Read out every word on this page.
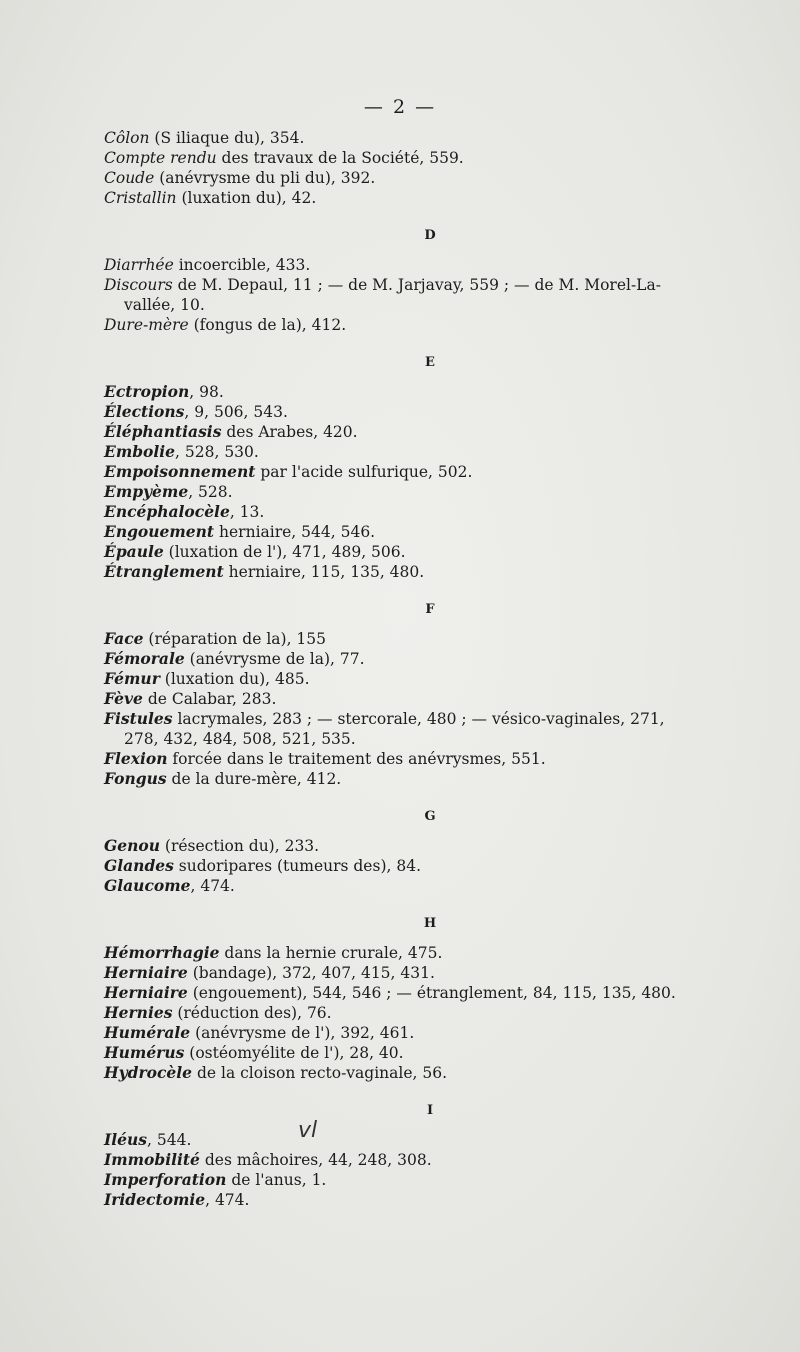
— 2 —
Côlon (S iliaque du), 354.
Compte rendu des travaux de la Société, 559.
Coude (anévrysme du pli du), 392.
Cristallin (luxation du), 42.
D
Diarrhée incoercible, 433.
Discours de M. Depaul, 11 ; — de M. Jarjavay, 559 ; — de M. Morel-La-
vallée, 10.
Dure-mère (fongus de la), 412.
E
Ectropion, 98.
Élections, 9, 506, 543.
Éléphantiasis des Arabes, 420.
Embolie, 528, 530.
Empoisonnement par l'acide sulfurique, 502.
Empyème, 528.
Encéphalocèle, 13.
Engouement herniaire, 544, 546.
Épaule (luxation de l'), 471, 489, 506.
Étranglement herniaire, 115, 135, 480.
F
Face (réparation de la), 155
Fémorale (anévrysme de la), 77.
Fémur (luxation du), 485.
Fève de Calabar, 283.
Fistules lacrymales, 283 ; — stercorale, 480 ; — vésico-vaginales, 271,
278, 432, 484, 508, 521, 535.
Flexion forcée dans le traitement des anévrysmes, 551.
Fongus de la dure-mère, 412.
G
Genou (résection du), 233.
Glandes sudoripares (tumeurs des), 84.
Glaucome, 474.
H
Hémorrhagie dans la hernie crurale, 475.
Herniaire (bandage), 372, 407, 415, 431.
Herniaire (engouement), 544, 546 ; — étranglement, 84, 115, 135, 480.
Hernies (réduction des), 76.
Humérale (anévrysme de l'), 392, 461.
Humérus (ostéomyélite de l'), 28, 40.
Hydrocèle de la cloison recto-vaginale, 56.
I
Iléus, 544.
Immobilité des mâchoires, 44, 248, 308.
Imperforation de l'anus, 1.
Iridectomie, 474.
vl
